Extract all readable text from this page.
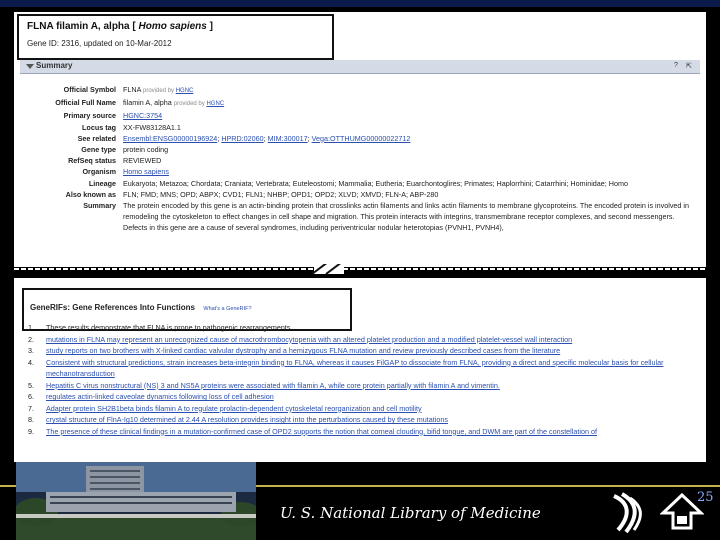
FLNA filamin A, alpha [ Homo sapiens ]
Gene ID: 2316, updated on 10-Mar-2012
Summary	? ⇱
Official Symbol FLNA provided by HGNC
Official Full Name filamin A, alpha provided by HGNC
Primary source HGNC:3754
Locus tag XX-FW83128A1.1
See related Ensembl:ENSG00000196924; HPRD:02060; MIM:300017; Vega:OTTHUMG00000022712
Gene type protein coding
RefSeq status REVIEWED
Organism Homo sapiens
Lineage Eukaryota; Metazoa; Chordata; Craniata; Vertebrata; Euteleostomi; Mammalia; Eutheria; Euarchontoglires; Primates; Haplorrhini; Catarrhini; Hominidae; Homo
Also known as FLN; FMD; MNS; OPD; ABPX; CVD1; FLN1; NHBP; OPD1; OPD2; XLVD; XMVD; FLN-A; ABP-280
Summary The protein encoded by this gene is an actin-binding protein that crosslinks actin filaments and links actin filaments to membrane glycoproteins. The encoded protein is involved in remodeling the cytoskeleton to effect changes in cell shape and migration. This protein interacts with integrins, transmembrane receptor complexes, and second messengers. Defects in this gene are a cause of several syndromes, including periventricular nodular heterotopias (PVNH1, PVNH4),
GeneRIFs: Gene References Into Functions What's a GeneRIF?
1.	These results demonstrate that FLNA is prone to pathogenic rearrangements
2.	mutations in FLNA may represent an unrecognized cause of macrothrombocytopenia with an altered platelet production and a modified platelet-vessel wall interaction
3.	study reports on two brothers with X-linked cardiac valvular dystrophy and a hemizygous FLNA mutation and review previously described cases from the literature
4.	Consistent with structural predictions, strain increases beta-integrin binding to FLNA, whereas it causes FilGAP to dissociate from FLNA, providing a direct and specific molecular basis for cellular mechanotransduction
5.	Hepatitis C virus nonstructural (NS) 3 and NS5A proteins were associated with filamin A, while core protein partially with filamin A and vimentin.
6.	regulates actin-linked caveolae dynamics following loss of cell adhesion
7.	Adapter protein SH2B1beta binds filamin A to regulate prolactin-dependent cytoskeletal reorganization and cell motility
8.	crystal structure of FlnA-Ig10 determined at 2.44 A resolution provides insight into the perturbations caused by these mutations
9.	The presence of these clinical findings in a mutation-confirmed case of OPD2 supports the notion that corneal clouding, bifid tongue, and DWM are part of the constellation of
U. S. National Library of Medicine
25
